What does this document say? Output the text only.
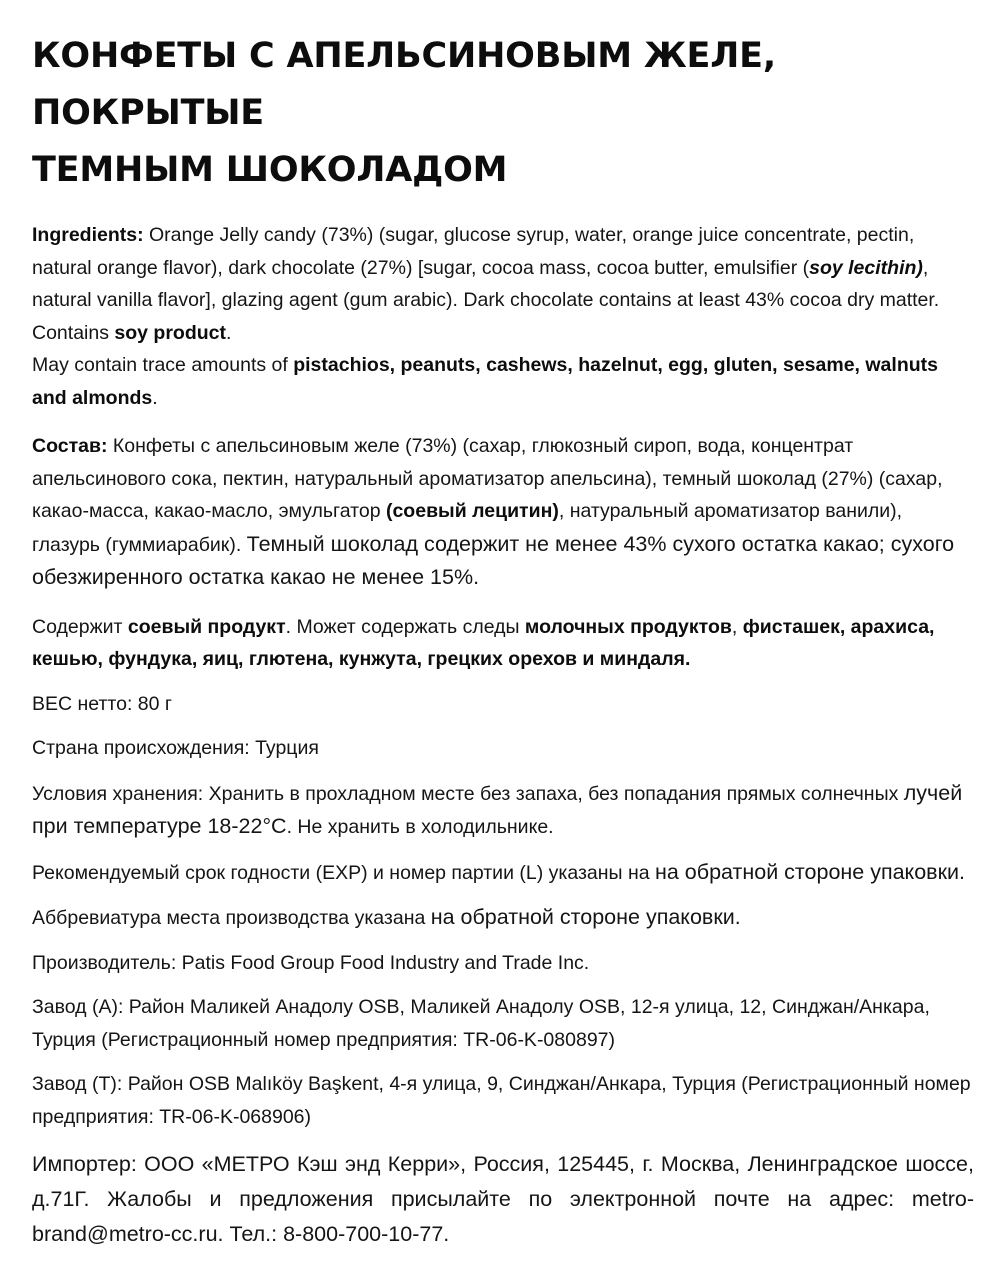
КОНФЕТЫ С АПЕЛЬСИНОВЫМ ЖЕЛЕ, ПОКРЫТЫЕ
ТЕМНЫМ ШОКОЛАДОМ

Ingredients: Orange Jelly candy (73%) (sugar, glucose syrup, water, orange juice concentrate, pectin, natural orange flavor), dark chocolate (27%) [sugar, cocoa mass, cocoa butter, emulsifier (soy lecithin), natural vanilla flavor], glazing agent (gum arabic). Dark chocolate contains at least 43% cocoa dry matter. Contains soy product.

May contain trace amounts of pistachios, peanuts, cashews, hazelnut, egg, gluten, sesame, walnuts and almonds.

Состав: Конфеты с апельсиновым желе (73%) (сахар, глюкозный сироп, вода, концентрат апельсинового сока, пектин, натуральный ароматизатор апельсина), темный шоколад (27%) (сахар, какао-масса, какао-масло, эмульгатор (соевый лецитин), натуральный ароматизатор ванили), глазурь (гуммиарабик). Темный шоколад содержит не менее 43% сухого остатка какао; сухого обезжиренного остатка какао не менее 15%.

Содержит соевый продукт. Может содержать следы молочных продуктов, фисташек, арахиса, кешью, фундука, яиц, глютена, кунжута, грецких орехов и миндаля.

ВЕС нетто: 80 г

Страна происхождения: Турция

Условия хранения: Хранить в прохладном месте без запаха, без попадания прямых солнечных лучей при температуре 18-22°C. Не хранить в холодильнике.

Рекомендуемый срок годности (EXP) и номер партии (L) указаны на на обратной стороне упаковки.

Аббревиатура места производства указана на обратной стороне упаковки.

Производитель: Patis Food Group Food Industry and Trade Inc.

Завод (A): Район Маликей Анадолу OSB, Маликей Анадолу OSB, 12-я улица, 12, Синджан/Анкара, Турция (Регистрационный номер предприятия: TR-06-K-080897)

Завод (T): Район OSB Malıköy Başkent, 4-я улица, 9, Синджан/Анкара, Турция (Регистрационный номер предприятия: TR-06-K-068906)

Импортер: ООО «МЕТРО Кэш энд Керри», Россия, 125445, г. Москва, Ленинградское шоссе, д.71Г. Жалобы и предложения присылайте по электронной почте на адрес: metro-brand@metro-cc.ru. Тел.: 8-800-700-10-77.
